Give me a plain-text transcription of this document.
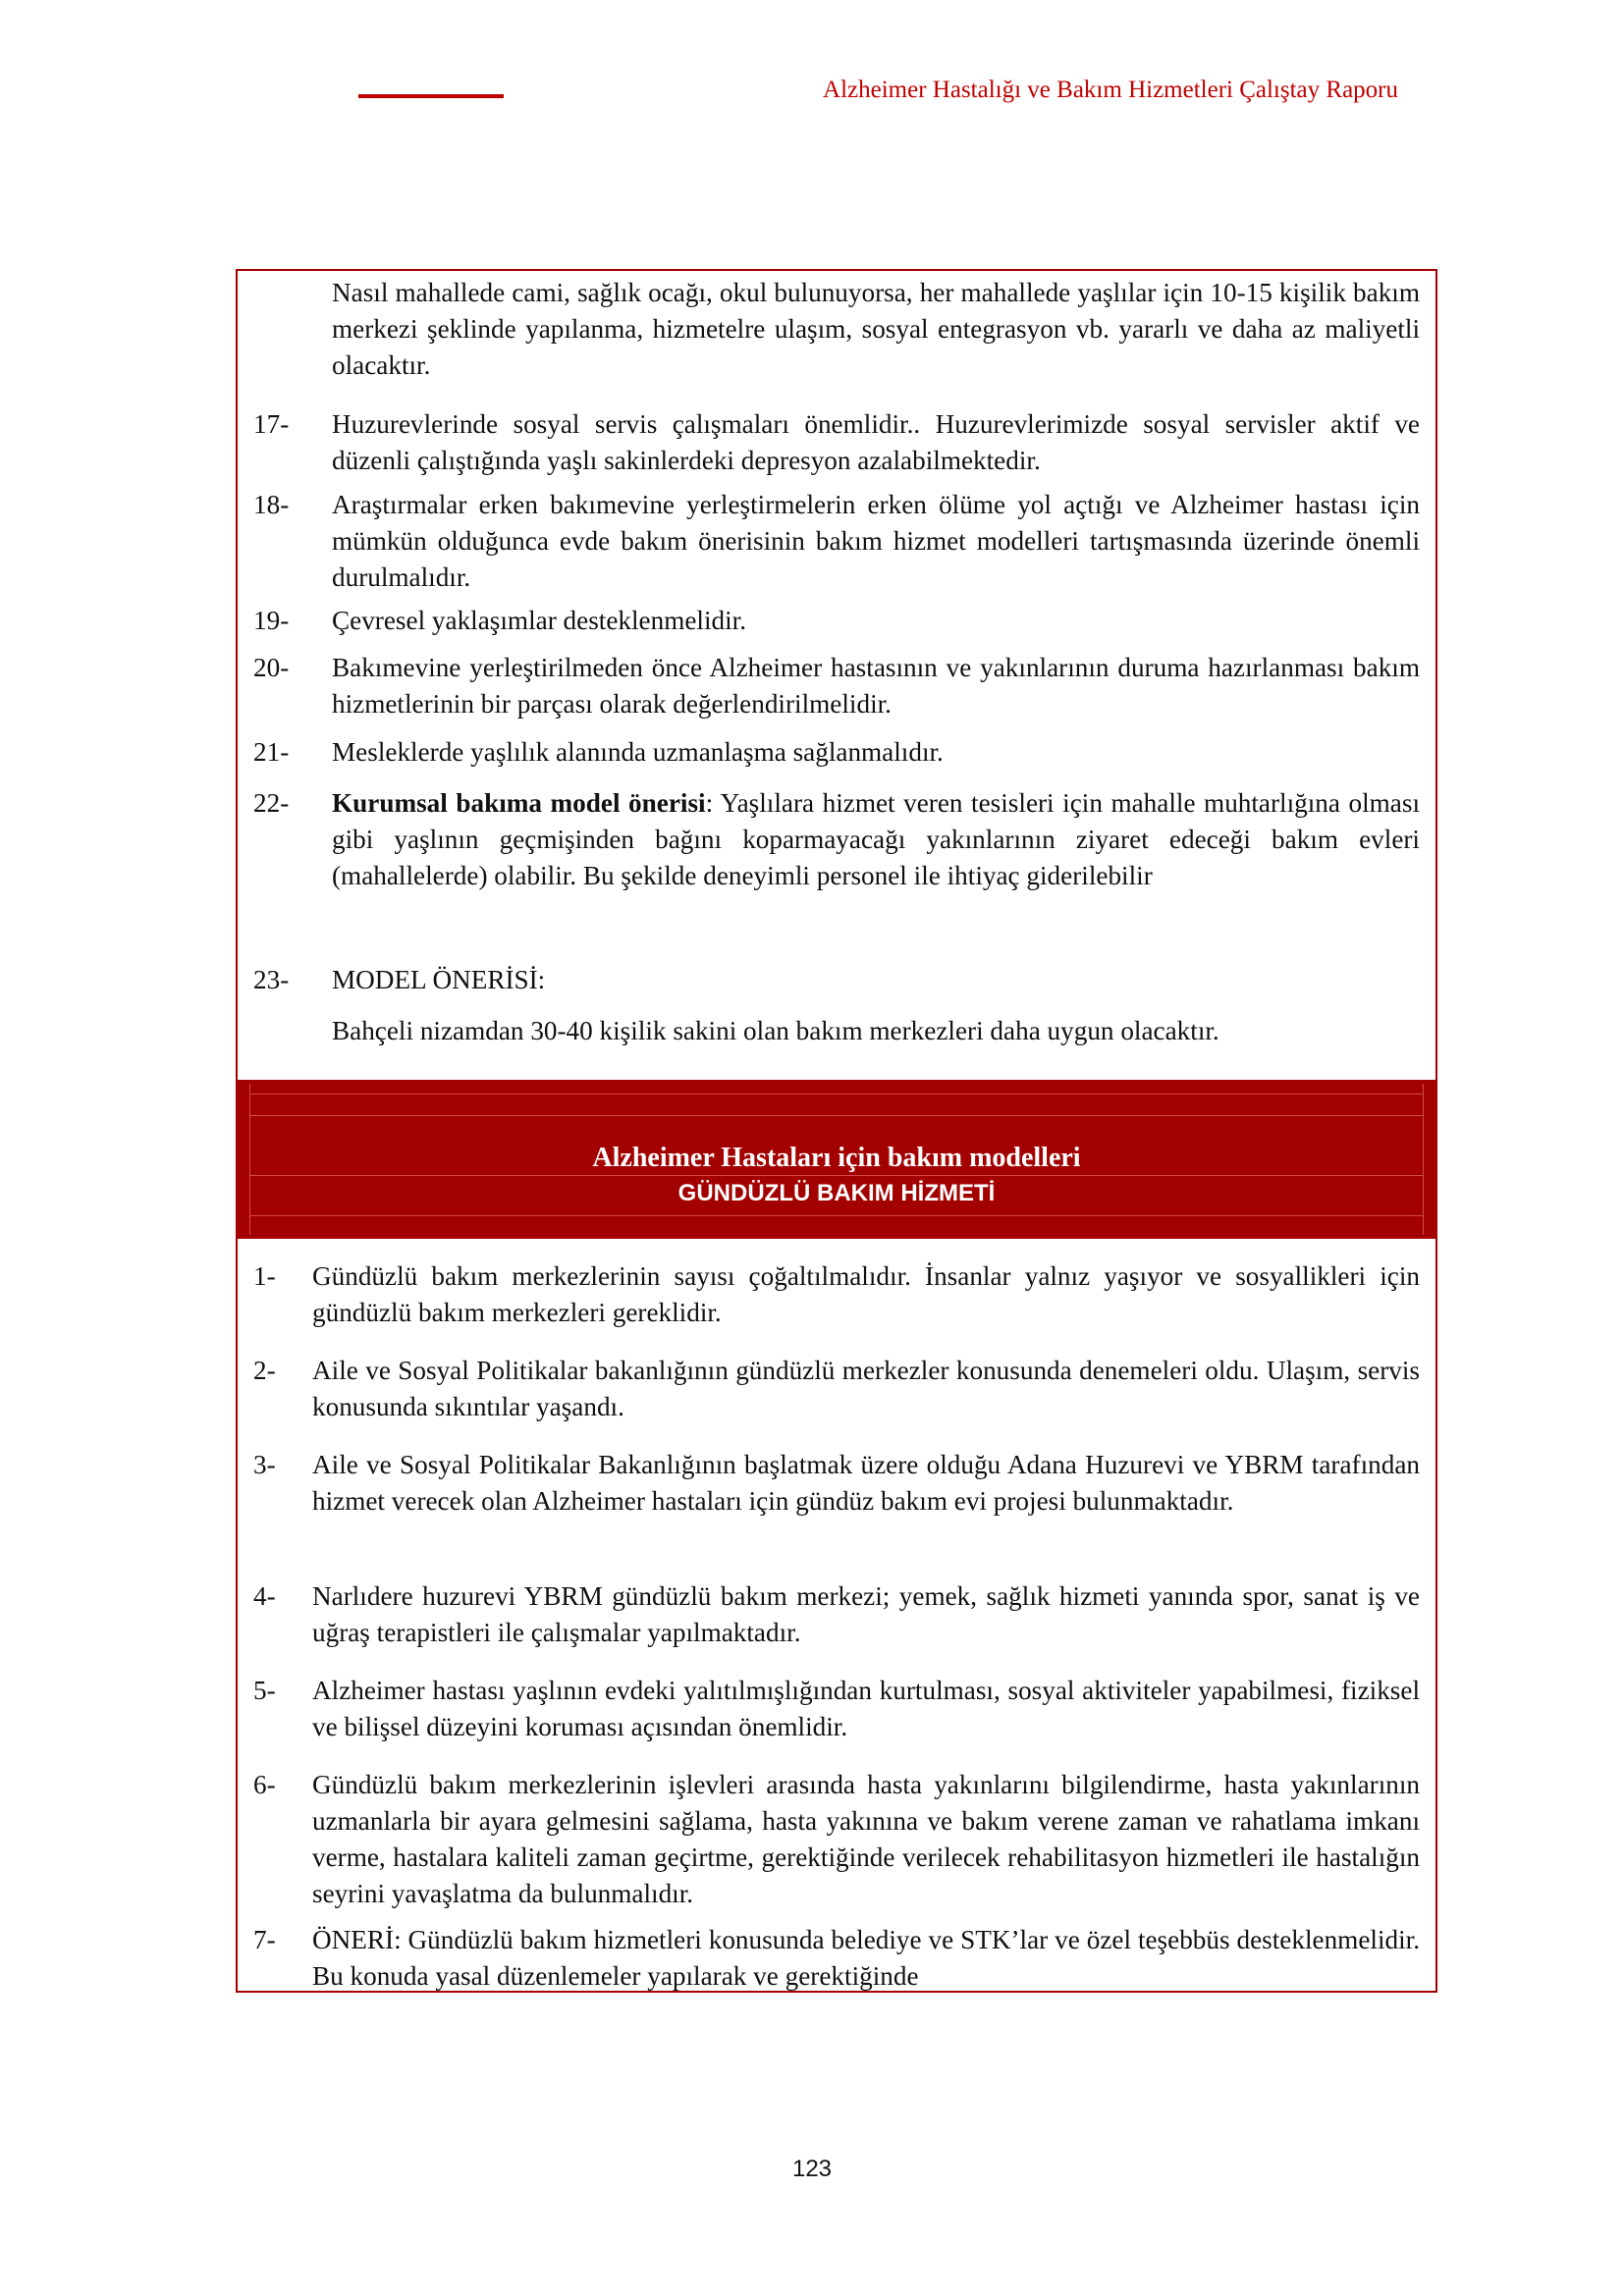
Alzheimer Hastalığı ve Bakım Hizmetleri Çalıştay Raporu
Nasıl mahallede cami, sağlık ocağı, okul bulunuyorsa, her mahallede yaşlılar için 10-15 kişilik bakım merkezi şeklinde yapılanma, hizmetelre ulaşım, sosyal entegrasyon vb. yararlı ve daha az maliyetli olacaktır.
17-	Huzurevlerinde sosyal servis çalışmaları önemlidir.. Huzurevlerimizde sosyal servisler aktif ve düzenli çalıştığında yaşlı sakinlerdeki depresyon azalabilmektedir.
18-	Araştırmalar erken bakımevine yerleştirmelerin erken ölüme yol açtığı ve Alzheimer hastası için mümkün olduğunca evde bakım önerisinin bakım hizmet modelleri tartışmasında üzerinde önemli durulmalıdır.
19-	Çevresel yaklaşımlar desteklenmelidir.
20-	Bakımevine yerleştirilmeden önce Alzheimer hastasının ve yakınlarının duruma hazırlanması bakım hizmetlerinin bir parçası olarak değerlendirilmelidir.
21-	Mesleklerde yaşlılık alanında uzmanlaşma sağlanmalıdır.
22-	Kurumsal bakıma model önerisi: Yaşlılara hizmet veren tesisleri için mahalle muhtarlığına olması gibi yaşlının geçmişinden bağını koparmayacağı yakınlarının ziyaret edeceği bakım evleri (mahallelerde) olabilir. Bu şekilde deneyimli personel ile ihtiyaç giderilebilir
23-	MODEL ÖNERİSİ:
Bahçeli nizamdan 30-40 kişilik sakini olan bakım merkezleri daha uygun olacaktır.
Alzheimer Hastaları için bakım modelleri
GÜNDÜZLÜ BAKIM HİZMETİ
1-	Gündüzlü bakım merkezlerinin sayısı çoğaltılmalıdır. İnsanlar yalnız yaşıyor ve sosyallikleri için gündüzlü bakım merkezleri gereklidir.
2-	Aile ve Sosyal Politikalar bakanlığının gündüzlü merkezler konusunda denemeleri oldu. Ulaşım, servis konusunda sıkıntılar yaşandı.
3-	Aile ve Sosyal Politikalar Bakanlığının başlatmak üzere olduğu Adana Huzurevi ve YBRM tarafından hizmet verecek olan Alzheimer hastaları için gündüz bakım evi projesi bulunmaktadır.
4-	Narlıdere huzurevi YBRM gündüzlü bakım merkezi; yemek, sağlık hizmeti yanında spor, sanat iş ve uğraş terapistleri ile çalışmalar yapılmaktadır.
5-	Alzheimer hastası yaşlının evdeki yalıtılmışlığından kurtulması, sosyal aktiviteler yapabilmesi, fiziksel ve bilişsel düzeyini koruması açısından önemlidir.
6-	Gündüzlü bakım merkezlerinin işlevleri arasında hasta yakınlarını bilgilendirme, hasta yakınlarının uzmanlarla bir ayara gelmesini sağlama, hasta yakınına ve bakım verene zaman ve rahatlama imkanı verme, hastalara kaliteli zaman geçirtme, gerektiğinde verilecek rehabilitasyon hizmetleri ile hastalığın seyrini yavaşlatma da bulunmalıdır.
7-	ÖNERİ: Gündüzlü bakım hizmetleri konusunda belediye ve STK’lar ve özel teşebbüs desteklenmelidir. Bu konuda yasal düzenlemeler yapılarak ve gerektiğinde
123
